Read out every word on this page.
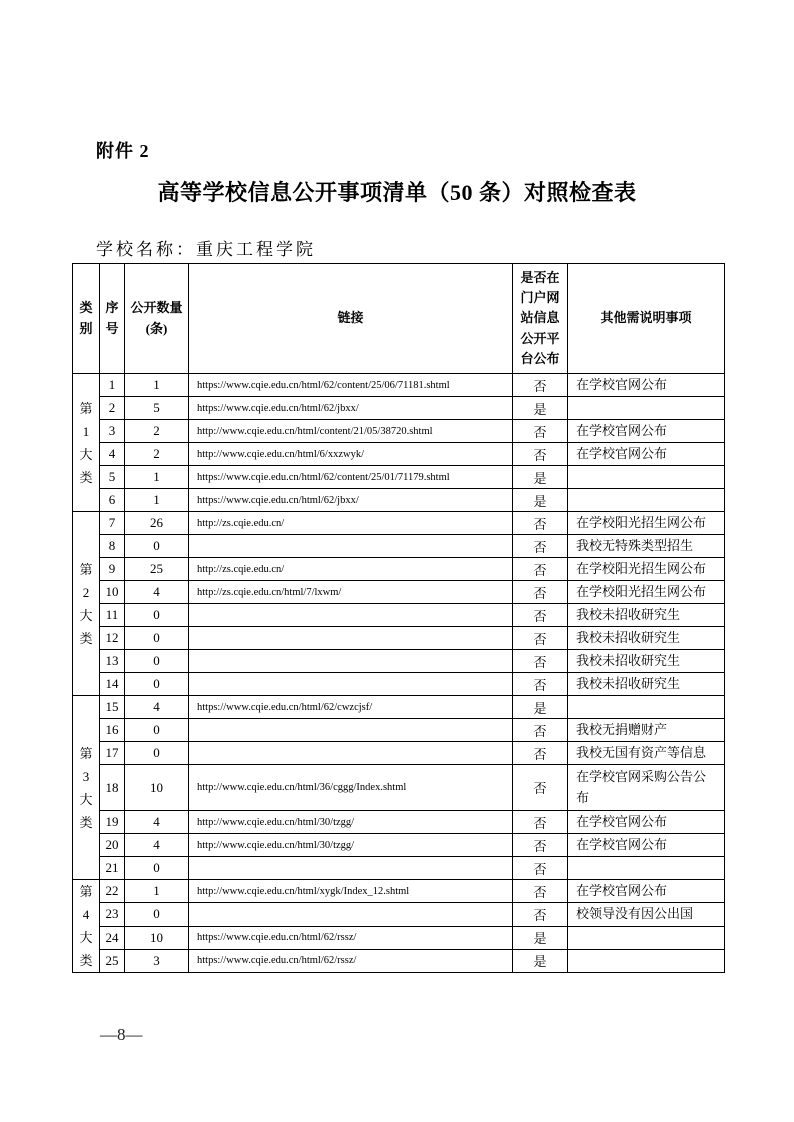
附件 2
高等学校信息公开事项清单（50 条）对照检查表
学校名称：重庆工程学院
类别	序号	公开数量(条)	链接	是否在门户网站信息公开平台公布	其他需说明事项
第1大类	1	1	https://www.cqie.edu.cn/html/62/content/25/06/71181.shtml	否	在学校官网公布
	2	5	https://www.cqie.edu.cn/html/62/jbxx/	是	
	3	2	http://www.cqie.edu.cn/html/content/21/05/38720.shtml	否	在学校官网公布
	4	2	http://www.cqie.edu.cn/html/6/xxzwyk/	否	在学校官网公布
	5	1	https://www.cqie.edu.cn/html/62/content/25/01/71179.shtml	是	
	6	1	https://www.cqie.edu.cn/html/62/jbxx/	是	
第2大类	7	26	http://zs.cqie.edu.cn/	否	在学校阳光招生网公布
	8	0		否	我校无特殊类型招生
	9	25	http://zs.cqie.edu.cn/	否	在学校阳光招生网公布
	10	4	http://zs.cqie.edu.cn/html/7/lxwm/	否	在学校阳光招生网公布
	11	0		否	我校未招收研究生
	12	0		否	我校未招收研究生
	13	0		否	我校未招收研究生
	14	0		否	我校未招收研究生
第3大类	15	4	https://www.cqie.edu.cn/html/62/cwzcjsf/	是	
	16	0		否	我校无捐赠财产
	17	0		否	我校无国有资产等信息
	18	10	http://www.cqie.edu.cn/html/36/cggg/Index.shtml	否	在学校官网采购公告公布
	19	4	http://www.cqie.edu.cn/html/30/tzgg/	否	在学校官网公布
	20	4	http://www.cqie.edu.cn/html/30/tzgg/	否	在学校官网公布
	21	0		否	
第4大类	22	1	http://www.cqie.edu.cn/html/xygk/Index_12.shtml	否	在学校官网公布
	23	0		否	校领导没有因公出国
	24	10	https://www.cqie.edu.cn/html/62/rssz/	是	
	25	3	https://www.cqie.edu.cn/html/62/rssz/	是	
—8—
